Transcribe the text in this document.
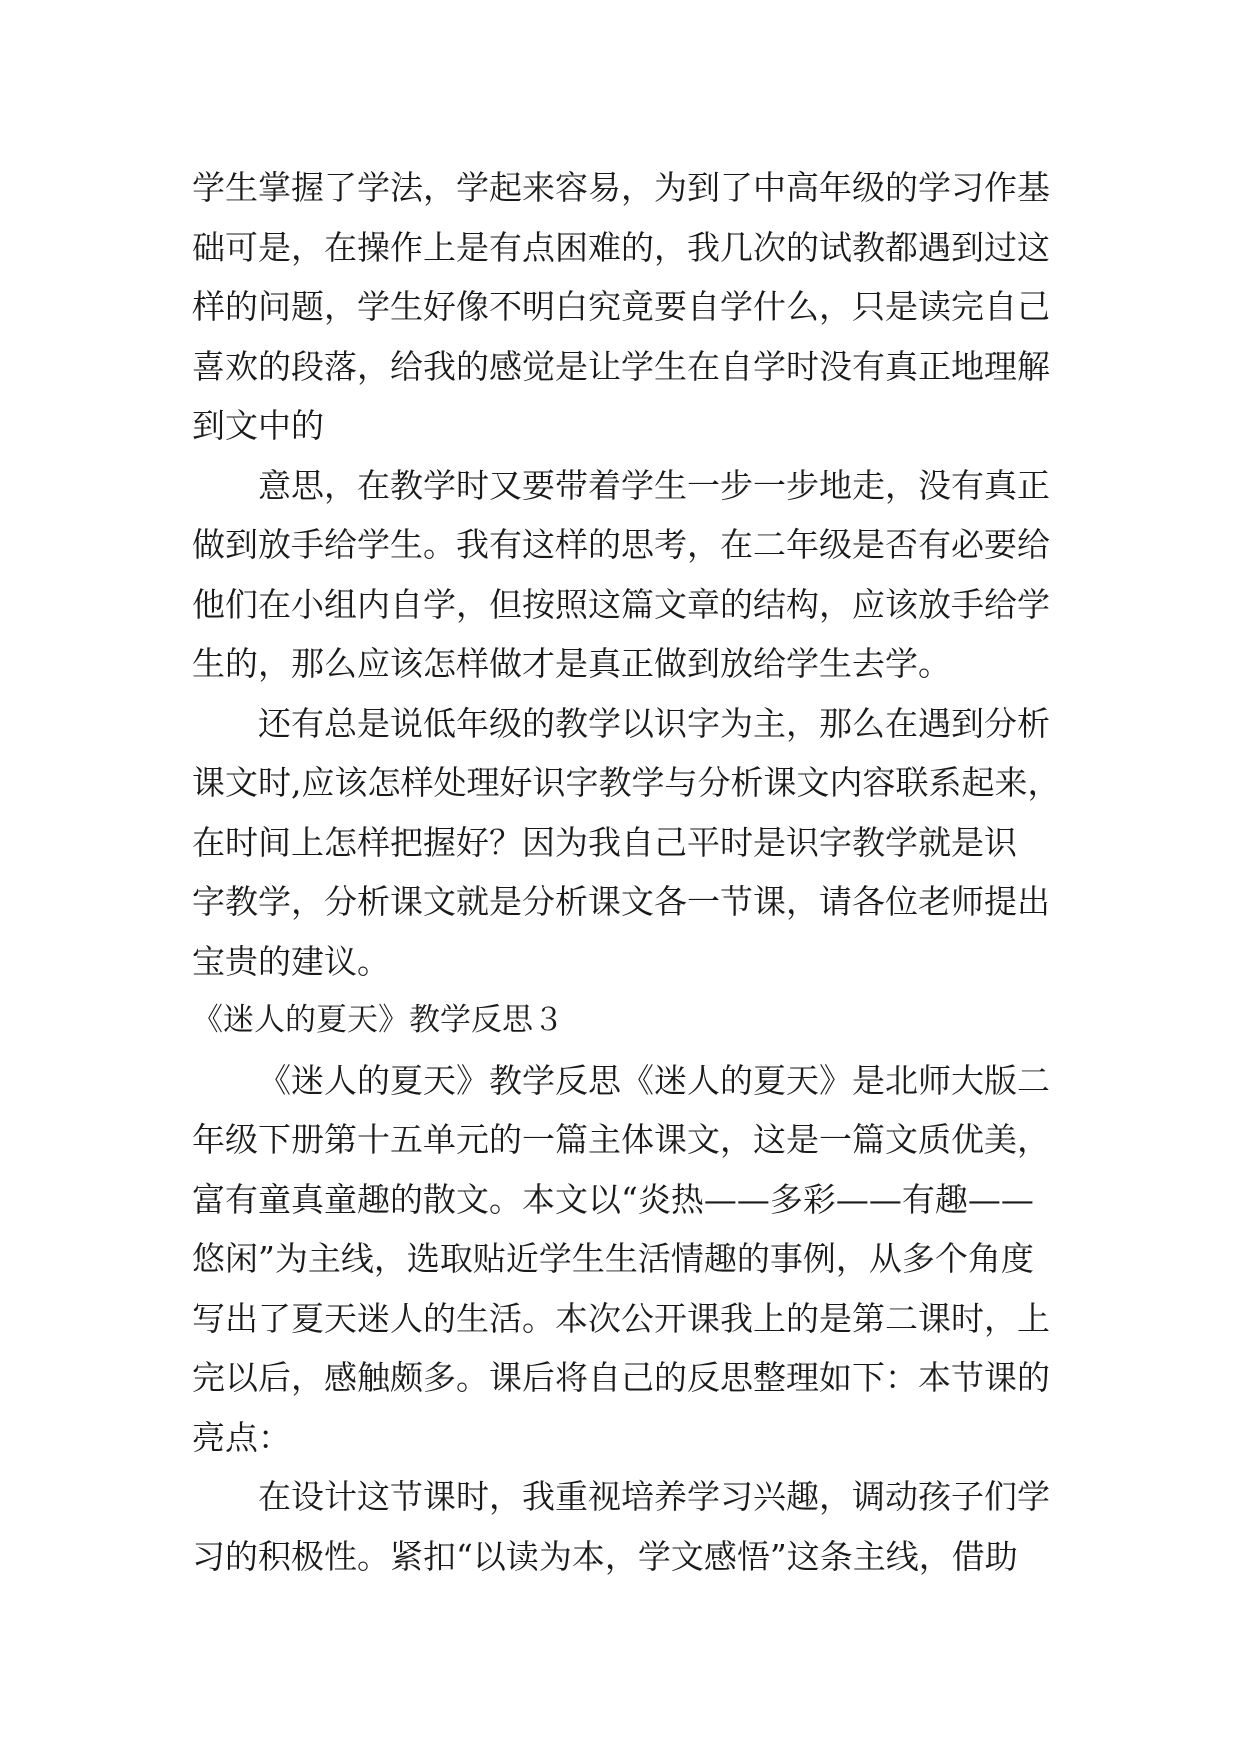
学生掌握了学法，学起来容易，为到了中高年级的学习作基
础可是，在操作上是有点困难的，我几次的试教都遇到过这
样的问题，学生好像不明白究竟要自学什么，只是读完自己
喜欢的段落，给我的感觉是让学生在自学时没有真正地理解
到文中的
意思，在教学时又要带着学生一步一步地走，没有真正
做到放手给学生。我有这样的思考，在二年级是否有必要给
他们在小组内自学，但按照这篇文章的结构，应该放手给学
生的，那么应该怎样做才是真正做到放给学生去学。
还有总是说低年级的教学以识字为主，那么在遇到分析
课文时,应该怎样处理好识字教学与分析课文内容联系起来，
在时间上怎样把握好？因为我自己平时是识字教学就是识
字教学，分析课文就是分析课文各一节课，请各位老师提出
宝贵的建议。
《迷人的夏天》教学反思３
《迷人的夏天》教学反思《迷人的夏天》是北师大版二
年级下册第十五单元的一篇主体课文，这是一篇文质优美，
富有童真童趣的散文。本文以“炎热——多彩——有趣——
悠闲”为主线，选取贴近学生生活情趣的事例，从多个角度
写出了夏天迷人的生活。本次公开课我上的是第二课时，上
完以后，感触颇多。课后将自己的反思整理如下：本节课的
亮点：
在设计这节课时，我重视培养学习兴趣，调动孩子们学
习的积极性。紧扣“以读为本，学文感悟”这条主线，借助
